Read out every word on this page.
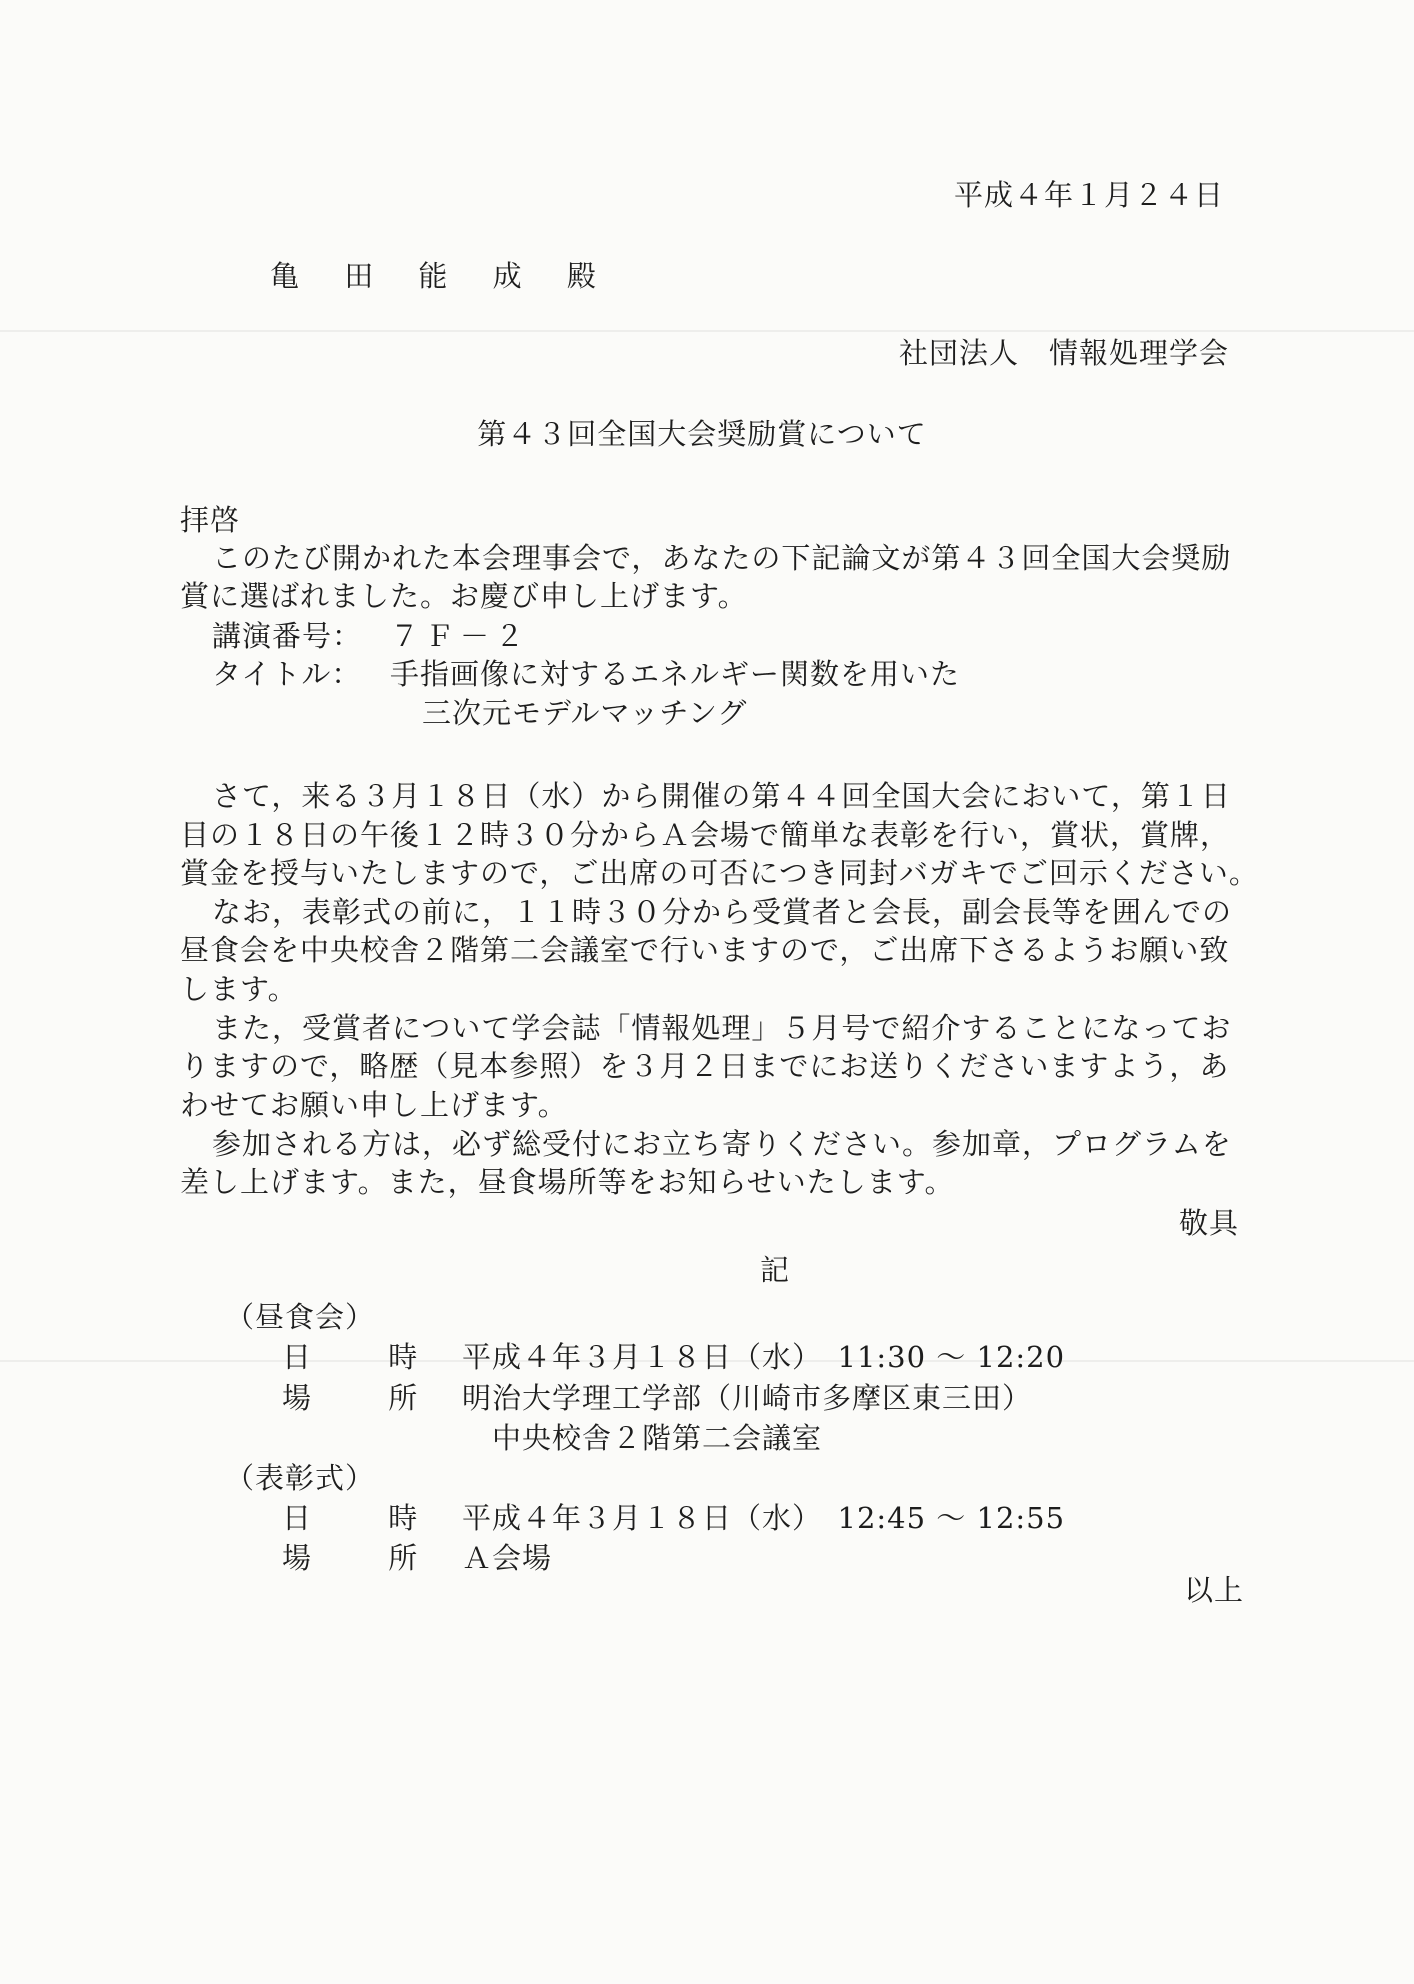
平成４年１月２４日
亀 田 能 成 殿
社団法人　情報処理学会
第４３回全国大会奨励賞について
拝啓
このたび開かれた本会理事会で，あなたの下記論文が第４３回全国大会奨励
賞に選ばれました。お慶び申し上げます。
講演番号： ７Ｆ－２
タイトル： 手指画像に対するエネルギー関数を用いた
三次元モデルマッチング
さて，来る３月１８日（水）から開催の第４４回全国大会において，第１日
目の１８日の午後１２時３０分からＡ会場で簡単な表彰を行い，賞状，賞牌，
賞金を授与いたしますので，ご出席の可否につき同封バガキでご回示ください。
なお，表彰式の前に，１１時３０分から受賞者と会長，副会長等を囲んでの
昼食会を中央校舎２階第二会議室で行いますので，ご出席下さるようお願い致
します。
また，受賞者について学会誌「情報処理」５月号で紹介することになってお
りますので，略歴（見本参照）を３月２日までにお送りくださいますよう，あ
わせてお願い申し上げます。
参加される方は，必ず総受付にお立ち寄りください。参加章，プログラムを
差し上げます。また，昼食場所等をお知らせいたします。
敬具
記
（昼食会）
日 時 平成４年３月１８日（水）　11:30 ～ 12:20
場 所 明治大学理工学部（川崎市多摩区東三田）
中央校舎２階第二会議室
（表彰式）
日 時 平成４年３月１８日（水）　12:45 ～ 12:55
場 所 Ａ会場
以上
